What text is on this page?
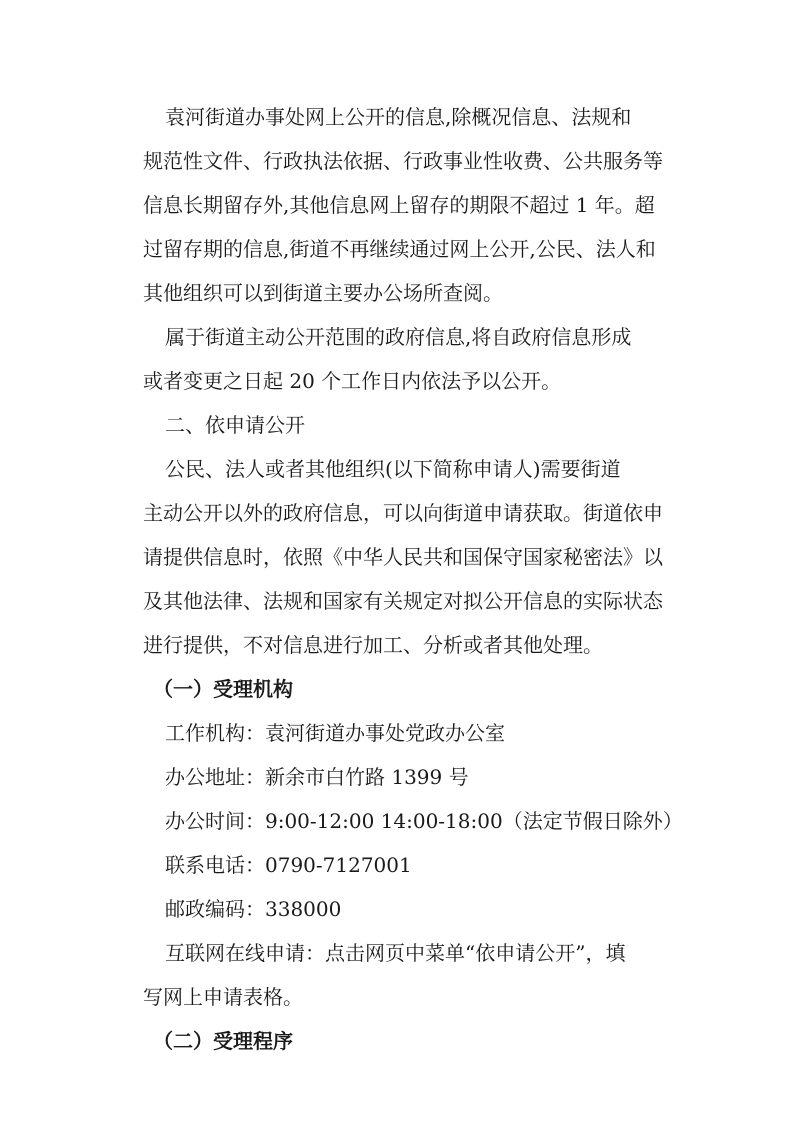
袁河街道办事处网上公开的信息,除概况信息、法规和
规范性文件、行政执法依据、行政事业性收费、公共服务等
信息长期留存外,其他信息网上留存的期限不超过 1 年。超
过留存期的信息,街道不再继续通过网上公开,公民、法人和
其他组织可以到街道主要办公场所查阅。
属于街道主动公开范围的政府信息,将自政府信息形成
或者变更之日起 20 个工作日内依法予以公开。
二、依申请公开
公民、法人或者其他组织(以下简称申请人)需要街道
主动公开以外的政府信息，可以向街道申请获取。街道依申
请提供信息时，依照《中华人民共和国保守国家秘密法》以
及其他法律、法规和国家有关规定对拟公开信息的实际状态
进行提供，不对信息进行加工、分析或者其他处理。
（一）受理机构
工作机构：袁河街道办事处党政办公室
办公地址：新余市白竹路 1399 号
办公时间：9:00-12:00 14:00-18:00（法定节假日除外）
联系电话：0790-7127001
邮政编码：338000
互联网在线申请：点击网页中菜单“依申请公开”，填
写网上申请表格。
（二）受理程序
